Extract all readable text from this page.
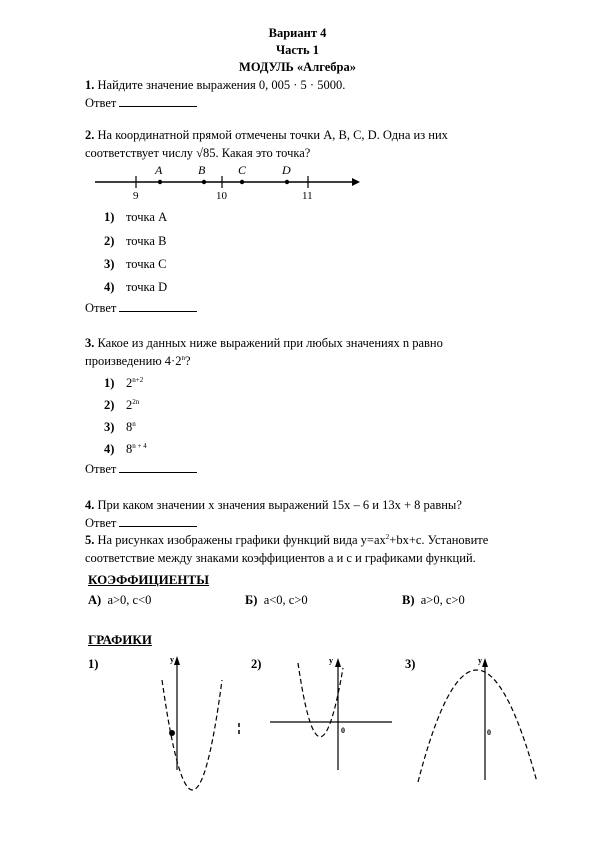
Вариант 4
Часть 1
МОДУЛЬ «Алгебра»
1. Найдите значение выражения 0, 005 · 5 · 5000.
Ответ
2. На координатной прямой отмечены точки A, B, C, D. Одна из них
соответствует числу √85. Какая это точка?
A	B	C	D
9	10	11
1) точка A
2) точка B
3) точка C
4) точка D
Ответ
3. Какое из данных ниже выражений при любых значениях n равно
произведению $4\cdot 2^n$?
1) $2^{n+2}$
2) $2^{2n}$
3) 8$^n$
4) $8^{n + 4}$
Ответ
4. При каком значении x значения выражений 15x – 6 и 13x + 8 равны?
Ответ
5. На рисунках изображены графики функций вида $y=ax^2+bx+c$. Установите
соответствие между знаками коэффициентов a и c и графиками функций.
КОЭФФИЦИЕНТЫ
А) a>0, c<0	Б) a<0, c>0	В) a>0, c>0
ГРАФИКИ
1)	2)	3)
y	y
0
y
0
